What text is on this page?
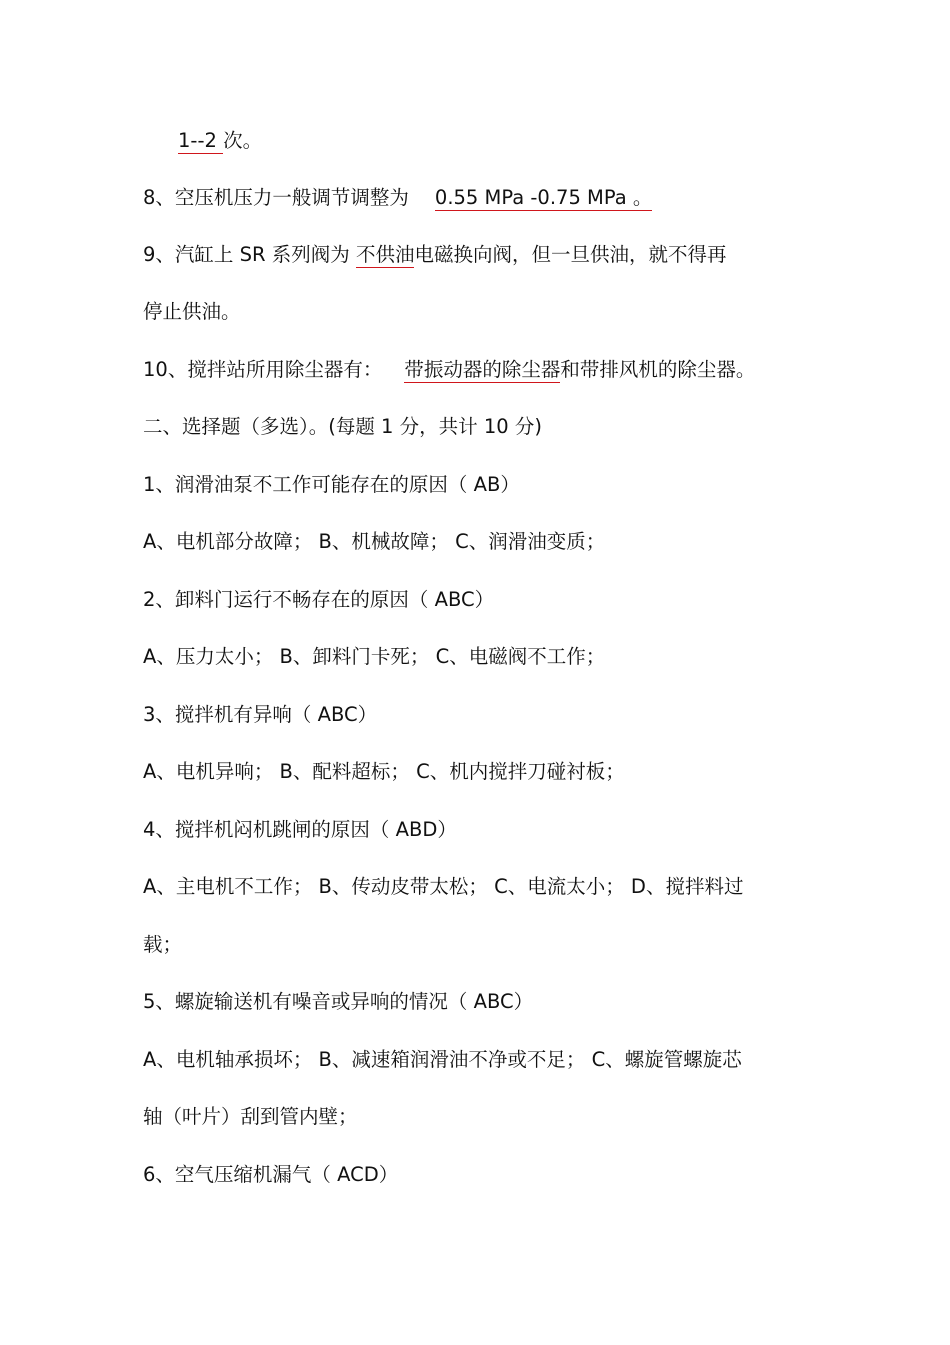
1--2 次。
8、空压机压力一般调节调整为 0.55 MPa -0.75 MPa 。
9、汽缸上 SR 系列阀为 不供油电磁换向阀，但一旦供油，就不得再
停止供油。
10、搅拌站所用除尘器有： 带振动器的除尘器和带排风机的除尘器。
二、选择题（多选）。(每题 1 分，共计 10 分)
1、润滑油泵不工作可能存在的原因（ AB）
A、电机部分故障； B、机械故障； C、润滑油变质；
2、卸料门运行不畅存在的原因（ ABC）
A、压力太小； B、卸料门卡死； C、电磁阀不工作；
3、搅拌机有异响（ ABC）
A、电机异响； B、配料超标； C、机内搅拌刀碰衬板；
4、搅拌机闷机跳闸的原因（ ABD）
A、主电机不工作； B、传动皮带太松； C、电流太小； D、搅拌料过
载；
5、螺旋输送机有噪音或异响的情况（ ABC）
A、电机轴承损坏； B、减速箱润滑油不净或不足； C、螺旋管螺旋芯
轴（叶片）刮到管内壁；
6、空气压缩机漏气（ ACD）
